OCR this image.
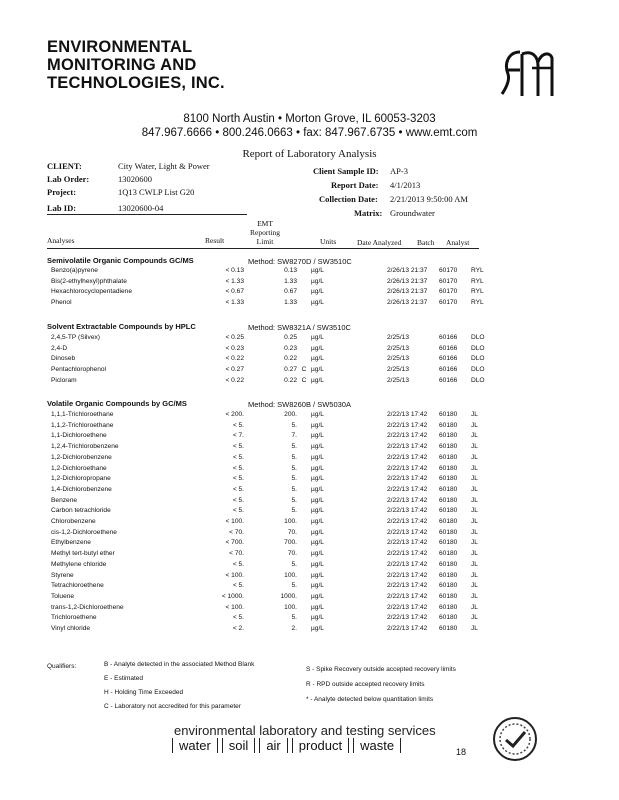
ENVIRONMENTAL
MONITORING AND
TECHNOLOGIES, INC.
8100 North Austin • Morton Grove, IL 60053-3203
847.967.6666 • 800.246.0663 • fax: 847.967.6735 • www.emt.com
Report of Laboratory Analysis
CLIENT:	City Water, Light & Power
Lab Order:	13020600
Project:	1Q13 CWLP List G20
Lab ID:	13020600-04
Client Sample ID: AP-3
Report Date: 4/1/2013
Collection Date: 2/21/2013 9:50:00 AM
Matrix: Groundwater
Analyses	Result
EMT
Reporting
Limit	Units	Date Analyzed Batch Analyst
Semivolatile Organic Compounds GC/MS	Method: SW8270D / SW3510C
Benzo(a)pyrene	< 0.13	0.13		µg/L	2/26/13 21:37	60170	RYL
Bis(2-ethylhexyl)phthalate	< 1.33	1.33		µg/L	2/26/13 21:37	60170	RYL
Hexachlorocyclopentadiene	< 0.67	0.67		µg/L	2/26/13 21:37	60170	RYL
Phenol	< 1.33	1.33		µg/L	2/26/13 21:37	60170	RYL
Solvent Extractable Compounds by HPLC	Method: SW8321A / SW3510C
2,4,5-TP (Silvex)	< 0.25	0.25		µg/L	2/25/13	60166	DLO
2,4-D	< 0.23	0.23		µg/L	2/25/13	60166	DLO
Dinoseb	< 0.22	0.22		µg/L	2/25/13	60166	DLO
Pentachlorophenol	< 0.27	0.27	C	µg/L	2/25/13	60166	DLO
Picloram	< 0.22	0.22	C	µg/L	2/25/13	60166	DLO
Volatile Organic Compounds by GC/MS	Method: SW8260B / SW5030A
1,1,1-Trichloroethane	< 200.	200.		µg/L	2/22/13 17:42	60180	JL
1,1,2-Trichloroethane	< 5.	5.		µg/L	2/22/13 17:42	60180	JL
1,1-Dichloroethene	< 7.	7.		µg/L	2/22/13 17:42	60180	JL
1,2,4-Trichlorobenzene	< 5.	5.		µg/L	2/22/13 17:42	60180	JL
1,2-Dichlorobenzene	< 5.	5.		µg/L	2/22/13 17:42	60180	JL
1,2-Dichloroethane	< 5.	5.		µg/L	2/22/13 17:42	60180	JL
1,2-Dichloropropane	< 5.	5.		µg/L	2/22/13 17:42	60180	JL
1,4-Dichlorobenzene	< 5.	5.		µg/L	2/22/13 17:42	60180	JL
Benzene	< 5.	5.		µg/L	2/22/13 17:42	60180	JL
Carbon tetrachloride	< 5.	5.		µg/L	2/22/13 17:42	60180	JL
Chlorobenzene	< 100.	100.		µg/L	2/22/13 17:42	60180	JL
cis-1,2-Dichloroethene	< 70.	70.		µg/L	2/22/13 17:42	60180	JL
Ethylbenzene	< 700.	700.		µg/L	2/22/13 17:42	60180	JL
Methyl tert-butyl ether	< 70.	70.		µg/L	2/22/13 17:42	60180	JL
Methylene chloride	< 5.	5.		µg/L	2/22/13 17:42	60180	JL
Styrene	< 100.	100.		µg/L	2/22/13 17:42	60180	JL
Tetrachloroethene	< 5.	5.		µg/L	2/22/13 17:42	60180	JL
Toluene	< 1000.	1000.		µg/L	2/22/13 17:42	60180	JL
trans-1,2-Dichloroethene	< 100.	100.		µg/L	2/22/13 17:42	60180	JL
Trichloroethene	< 5.	5.		µg/L	2/22/13 17:42	60180	JL
Vinyl chloride	< 2.	2.		µg/L	2/22/13 17:42	60180	JL
Qualifiers:	B - Analyte detected in the associated Method Blank
E - Estimated
H - Holding Time Exceeded
C - Laboratory not accredited for this parameter
S - Spike Recovery outside accepted recovery limits
R - RPD outside accepted recovery limits
* - Analyte detected below quantitation limits
environmental laboratory and testing services
water soil air product waste	18
